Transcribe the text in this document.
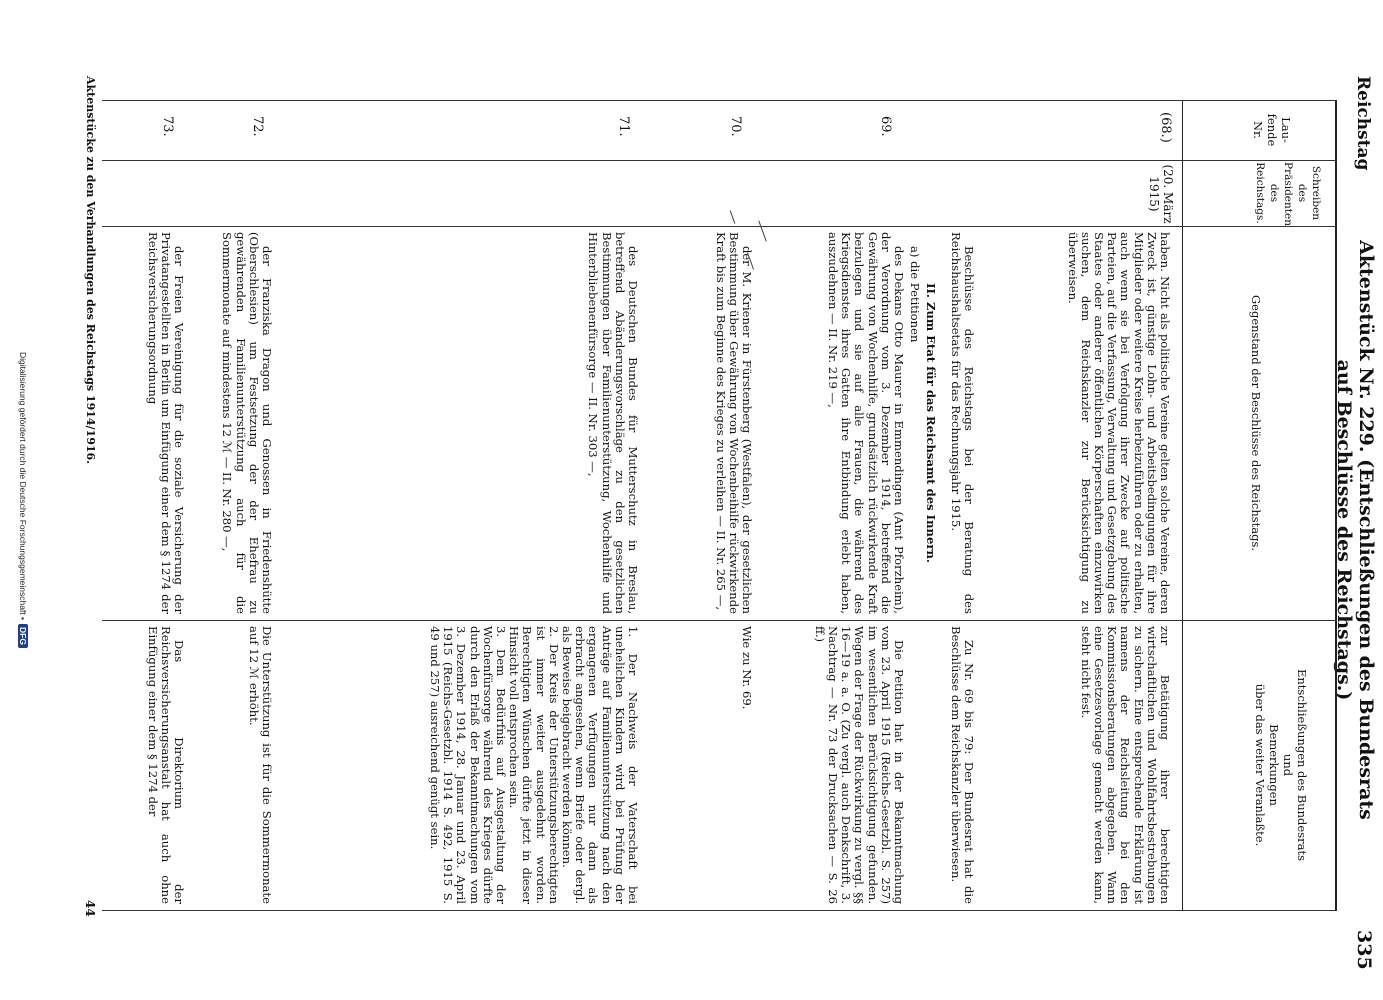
Reichstag
Aktenstück Nr. 229. (Entschließungen des Bundesrats auf Beschlüsse des Reichstags.)
335
Lau-
fende
Nr.
Schreiben
des
Präsidenten
des
Reichstags.
Gegenstand der Beschlüsse des Reichstags.
Entschließungen des Bundesrats
und
Bemerkungen
über das weiter Veranlaßte.
(68.)
(20. März
1915)

haben. Nicht als politische Vereine gelten solche Vereine, deren Zweck ist, günstige Lohn- und Arbeitsbedingungen für ihre Mitglieder oder weitere Kreise herbeizuführen oder zu erhalten, auch wenn sie bei Verfolgung ihrer Zwecke auf politische Parteien, auf die Verfassung, Verwaltung und Gesetzgebung des Staates oder anderer öffentlichen Körperschaften einzuwirken suchen, dem Reichskanzler zur Berücksichtigung zu überweisen.

zur Betätigung ihrer berechtigten wirtschaftlichen und Wohlfahrtsbestrebungen zu sichern. Eine entsprechende Erklärung ist namens der Reichsleitung bei den Kommissionsberatungen abgegeben. Wann eine Gesetzesvorlage gemacht werden kann, steht nicht fest.

Beschlüsse des Reichstags bei der Beratung des Reichshaushaltsetats für das Rechnungsjahr 1915.

Zu Nr. 69 bis 79: Der Bundesrat hat die Beschlüsse dem Reichskanzler überwiesen.

II. Zum Etat für das Reichsamt des Innern.

a) die Petitionen

69.

des Dekans Otto Maurer in Emmendingen (Amt Pforzheim), der Verordnung vom 3. Dezember 1914, betreffend die Gewährung von Wochenhilfe, grundsätzlich rückwirkende Kraft beizulegen und sie auf alle Frauen, die während des Kriegsdienstes ihres Gatten ihre Entbindung erlebt haben, auszudehnen — II. Nr. 219 —,

Die Petition hat in der Bekanntmachung vom 23. April 1915 (Reichs-Gesetzbl. S. 257) im wesentlichen Berücksichtigung gefunden. Wegen der Frage der Rückwirkung zu vergl. §§ 16—19 a. a. O. (Zu vergl. auch Denkschrift, 3. Nachtrag — Nr. 73 der Drucksachen — S. 26 ff.)

70.

der M. Kriener in Fürstenberg (Westfalen), der gesetzlichen Bestimmung über Gewährung von Wochenbeihilfe rückwirkende Kraft bis zum Beginne des Krieges zu verleihen — II. Nr. 265 —,

Wie zu Nr. 69.

71.

des Deutschen Bundes für Mutterschutz in Breslau, betreffend Abänderungsvorschläge zu den gesetzlichen Bestimmungen über Familienunterstützung, Wochenhilfe und Hinterbliebenenfürsorge — II. Nr. 303 —,

1. Der Nachweis der Vaterschaft bei unehelichen Kindern wird bei Prüfung der Anträge auf Familienunterstützung nach den ergangenen Verfügungen nur dann als erbracht angesehen, wenn Briefe oder dergl. als Beweise beigebracht werden können.

2. Der Kreis der Unterstützungsberechtigten ist immer weiter ausgedehnt worden. Berechtigten Wünschen dürfte jetzt in dieser Hinsicht voll entsprochen sein.

3. Dem Bedürfnis auf Ausgestaltung der Wochenfürsorge während des Krieges dürfte durch den Erlaß der Bekanntmachungen vom 3. Dezember 1914, 28. Januar und 23. April 1915 (Reichs-Gesetzbl. 1914 S. 492, 1915 S. 49 und 257) ausreichend genügt sein.

72.

der Franziska Dragon und Genossen in Friedenshütte (Oberschlesien) um Festsetzung der der Ehefrau zu gewährenden Familienunterstützung auch für die Sommermonate auf mindestens 12 ℳ — II. Nr. 280 —,

Die Unterstützung ist für die Sommermonate auf 12 ℳ erhöht.

73.

der Freien Vereinigung für die soziale Versicherung der Privatangestellten in Berlin um Einfügung einer dem § 1274 der Reichsversicherungsordnung

Das Direktorium der Reichsversicherungsanstalt hat auch ohne Einfügung einer dem § 1274 der

Aktenstücke zu den Verhandlungen des Reichstags 1914/1916.
44
Digitalisierung gefördert durch die Deutsche Forschungsgemeinschaft •DFG
